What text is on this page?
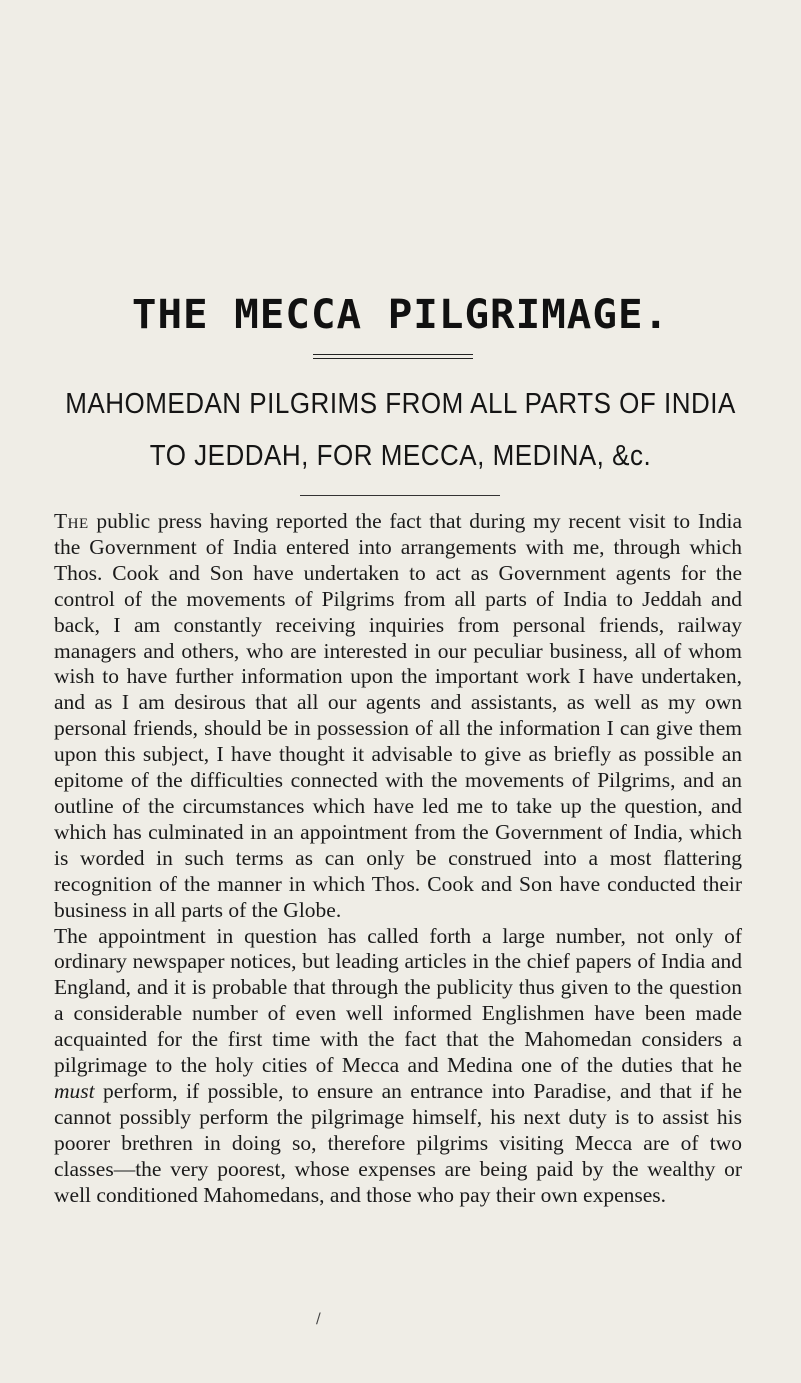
THE MECCA PILGRIMAGE.
MAHOMEDAN PILGRIMS FROM ALL PARTS OF INDIA
TO JEDDAH, FOR MECCA, MEDINA, &c.

The public press having reported the fact that during my recent visit to India the Government of India entered into arrangements with me, through which Thos. Cook and Son have undertaken to act as Government agents for the control of the movements of Pilgrims from all parts of India to Jeddah and back, I am constantly receiving inquiries from personal friends, railway managers and others, who are interested in our peculiar business, all of whom wish to have further information upon the important work I have undertaken, and as I am desirous that all our agents and assistants, as well as my own personal friends, should be in possession of all the information I can give them upon this subject, I have thought it advisable to give as briefly as possible an epitome of the difficulties connected with the movements of Pilgrims, and an outline of the circumstances which have led me to take up the question, and which has culminated in an appointment from the Government of India, which is worded in such terms as can only be construed into a most flattering recognition of the manner in which Thos. Cook and Son have conducted their business in all parts of the Globe.

The appointment in question has called forth a large number, not only of ordinary newspaper notices, but leading articles in the chief papers of India and England, and it is probable that through the publicity thus given to the question a considerable number of even well informed Englishmen have been made acquainted for the first time with the fact that the Mahomedan considers a pilgrimage to the holy cities of Mecca and Medina one of the duties that he must perform, if possible, to ensure an entrance into Paradise, and that if he cannot possibly perform the pilgrimage himself, his next duty is to assist his poorer brethren in doing so, therefore pilgrims visiting Mecca are of two classes—the very poorest, whose expenses are being paid by the wealthy or well conditioned Mahomedans, and those who pay their own expenses.

/
